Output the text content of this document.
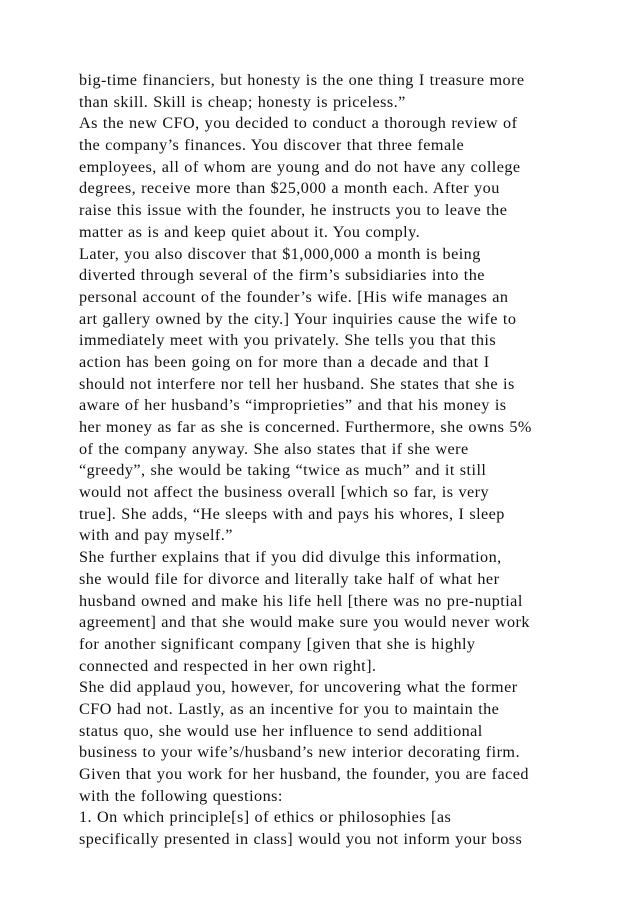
big-time financiers, but honesty is the one thing I treasure more
than skill. Skill is cheap; honesty is priceless.”
As the new CFO, you decided to conduct a thorough review of
the company’s finances. You discover that three female
employees, all of whom are young and do not have any college
degrees, receive more than $25,000 a month each. After you
raise this issue with the founder, he instructs you to leave the
matter as is and keep quiet about it. You comply.
Later, you also discover that $1,000,000 a month is being
diverted through several of the firm’s subsidiaries into the
personal account of the founder’s wife. [His wife manages an
art gallery owned by the city.] Your inquiries cause the wife to
immediately meet with you privately. She tells you that this
action has been going on for more than a decade and that I
should not interfere nor tell her husband. She states that she is
aware of her husband’s “improprieties” and that his money is
her money as far as she is concerned. Furthermore, she owns 5%
of the company anyway. She also states that if she were
“greedy”, she would be taking “twice as much” and it still
would not affect the business overall [which so far, is very
true]. She adds, “He sleeps with and pays his whores, I sleep
with and pay myself.”
She further explains that if you did divulge this information,
she would file for divorce and literally take half of what her
husband owned and make his life hell [there was no pre-nuptial
agreement] and that she would make sure you would never work
for another significant company [given that she is highly
connected and respected in her own right].
She did applaud you, however, for uncovering what the former
CFO had not. Lastly, as an incentive for you to maintain the
status quo, she would use her influence to send additional
business to your wife’s/husband’s new interior decorating firm.
Given that you work for her husband, the founder, you are faced
with the following questions:
1. On which principle[s] of ethics or philosophies [as
specifically presented in class] would you not inform your boss
